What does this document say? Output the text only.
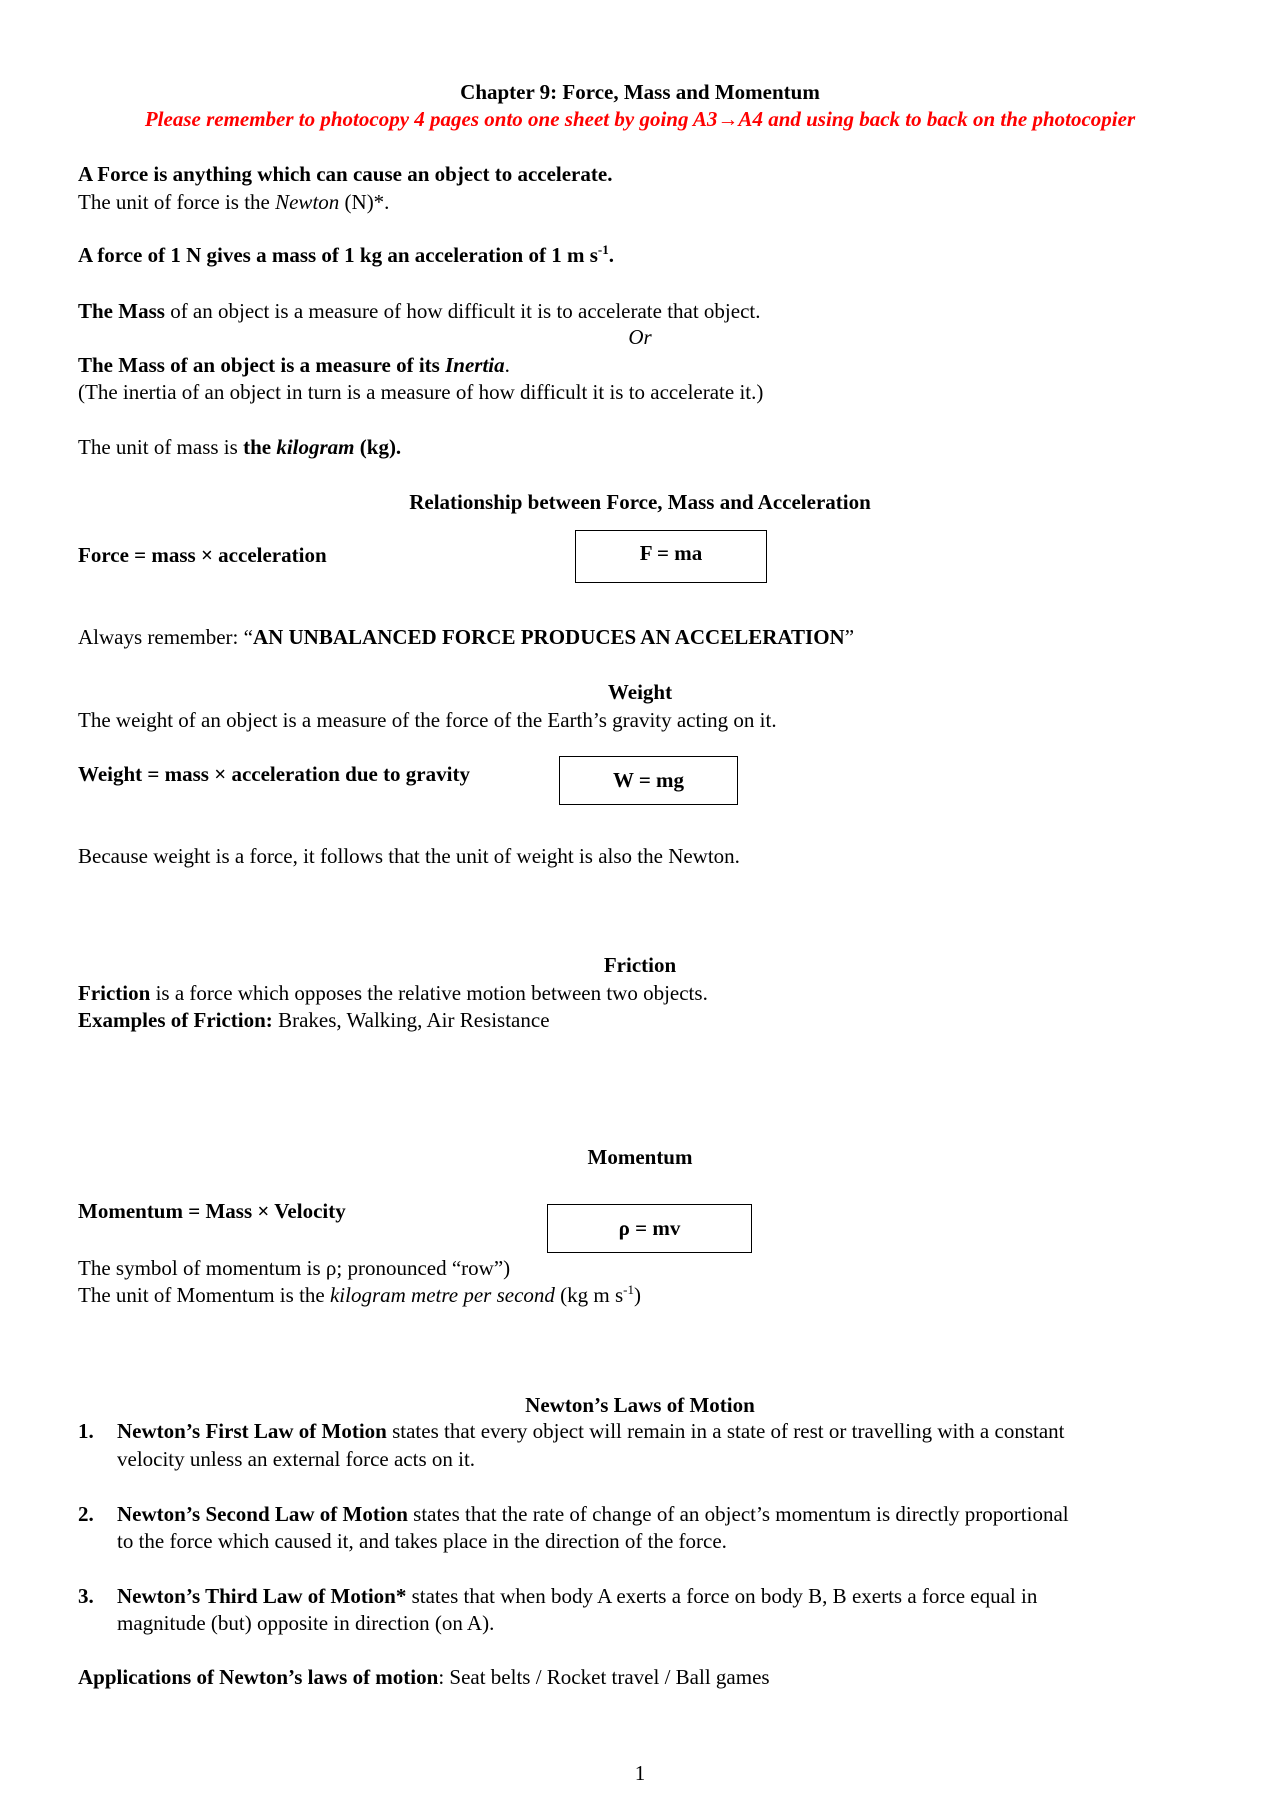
Chapter 9: Force, Mass and Momentum
Please remember to photocopy 4 pages onto one sheet by going A3→A4 and using back to back on the photocopier
A Force is anything which can cause an object to accelerate.
The unit of force is the Newton (N)*.
A force of 1 N gives a mass of 1 kg an acceleration of 1 m $s^{-1}$.
The Mass of an object is a measure of how difficult it is to accelerate that object.
Or
The Mass of an object is a measure of its Inertia.
(The inertia of an object in turn is a measure of how difficult it is to accelerate it.)
The unit of mass is the kilogram (kg).
Relationship between Force, Mass and Acceleration
Force = mass × acceleration	F = ma
Always remember: “AN UNBALANCED FORCE PRODUCES AN ACCELERATION”
Weight
The weight of an object is a measure of the force of the Earth’s gravity acting on it.
Weight = mass × acceleration due to gravity	W = mg
Because weight is a force, it follows that the unit of weight is also the Newton.
Friction
Friction is a force which opposes the relative motion between two objects.
Examples of Friction: Brakes, Walking, Air Resistance
Momentum
Momentum = Mass × Velocity
ρ = mv
The symbol of momentum is ρ; pronounced “row”)
The unit of Momentum is the kilogram metre per second (kg m $s^{-1}$)
Newton’s Laws of Motion
1. Newton’s First Law of Motion states that every object will remain in a state of rest or travelling with a constant
velocity unless an external force acts on it.
2. Newton’s Second Law of Motion states that the rate of change of an object’s momentum is directly proportional
to the force which caused it, and takes place in the direction of the force.
3. Newton’s Third Law of Motion* states that when body A exerts a force on body B, B exerts a force equal in
magnitude (but) opposite in direction (on A).
Applications of Newton’s laws of motion: Seat belts / Rocket travel / Ball games
1
